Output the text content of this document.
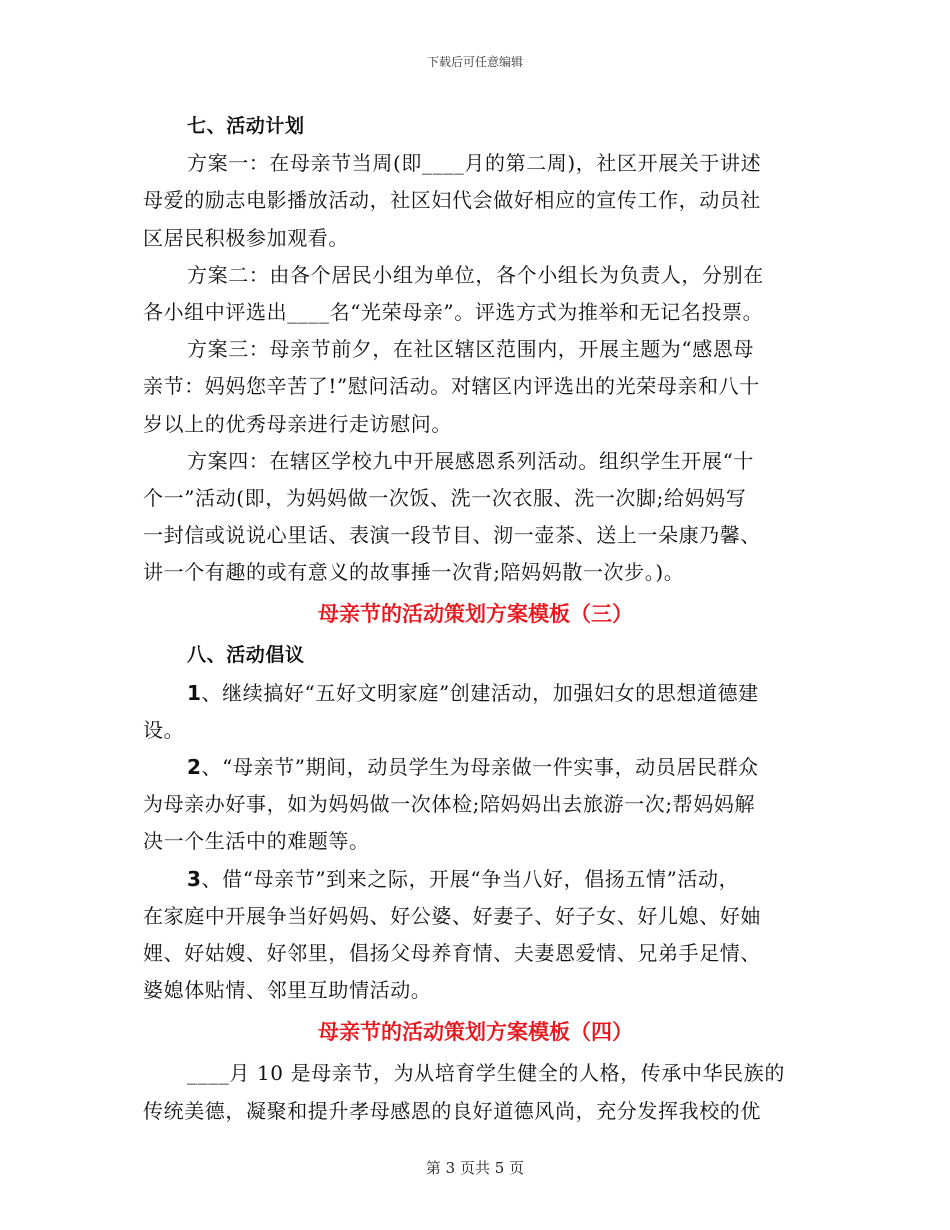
下载后可任意编辑
七、活动计划
方案一：在母亲节当周(即____月的第二周)，社区开展关于讲述
母爱的励志电影播放活动，社区妇代会做好相应的宣传工作，动员社
区居民积极参加观看。
方案二：由各个居民小组为单位，各个小组长为负责人，分别在
各小组中评选出____名“光荣母亲”。评选方式为推举和无记名投票。
方案三：母亲节前夕，在社区辖区范围内，开展主题为“感恩母
亲节：妈妈您辛苦了!”慰问活动。对辖区内评选出的光荣母亲和八十
岁以上的优秀母亲进行走访慰问。
方案四：在辖区学校九中开展感恩系列活动。组织学生开展“十
个一”活动(即，为妈妈做一次饭、洗一次衣服、洗一次脚;给妈妈写
一封信或说说心里话、表演一段节目、沏一壶茶、送上一朵康乃馨、
讲一个有趣的或有意义的故事捶一次背;陪妈妈散一次步。)。
母亲节的活动策划方案模板（三）
八、活动倡议
1、继续搞好“五好文明家庭”创建活动，加强妇女的思想道德建
设。
2、“母亲节”期间，动员学生为母亲做一件实事，动员居民群众
为母亲办好事，如为妈妈做一次体检;陪妈妈出去旅游一次;帮妈妈解
决一个生活中的难题等。
3、借“母亲节”到来之际，开展“争当八好，倡扬五情”活动，
在家庭中开展争当好妈妈、好公婆、好妻子、好子女、好儿媳、好妯
娌、好姑嫂、好邻里，倡扬父母养育情、夫妻恩爱情、兄弟手足情、
婆媳体贴情、邻里互助情活动。
母亲节的活动策划方案模板（四）
____月 10 是母亲节，为从培育学生健全的人格，传承中华民族的
传统美德，凝聚和提升孝母感恩的良好道德风尚，充分发挥我校的优
第 3 页共 5 页
